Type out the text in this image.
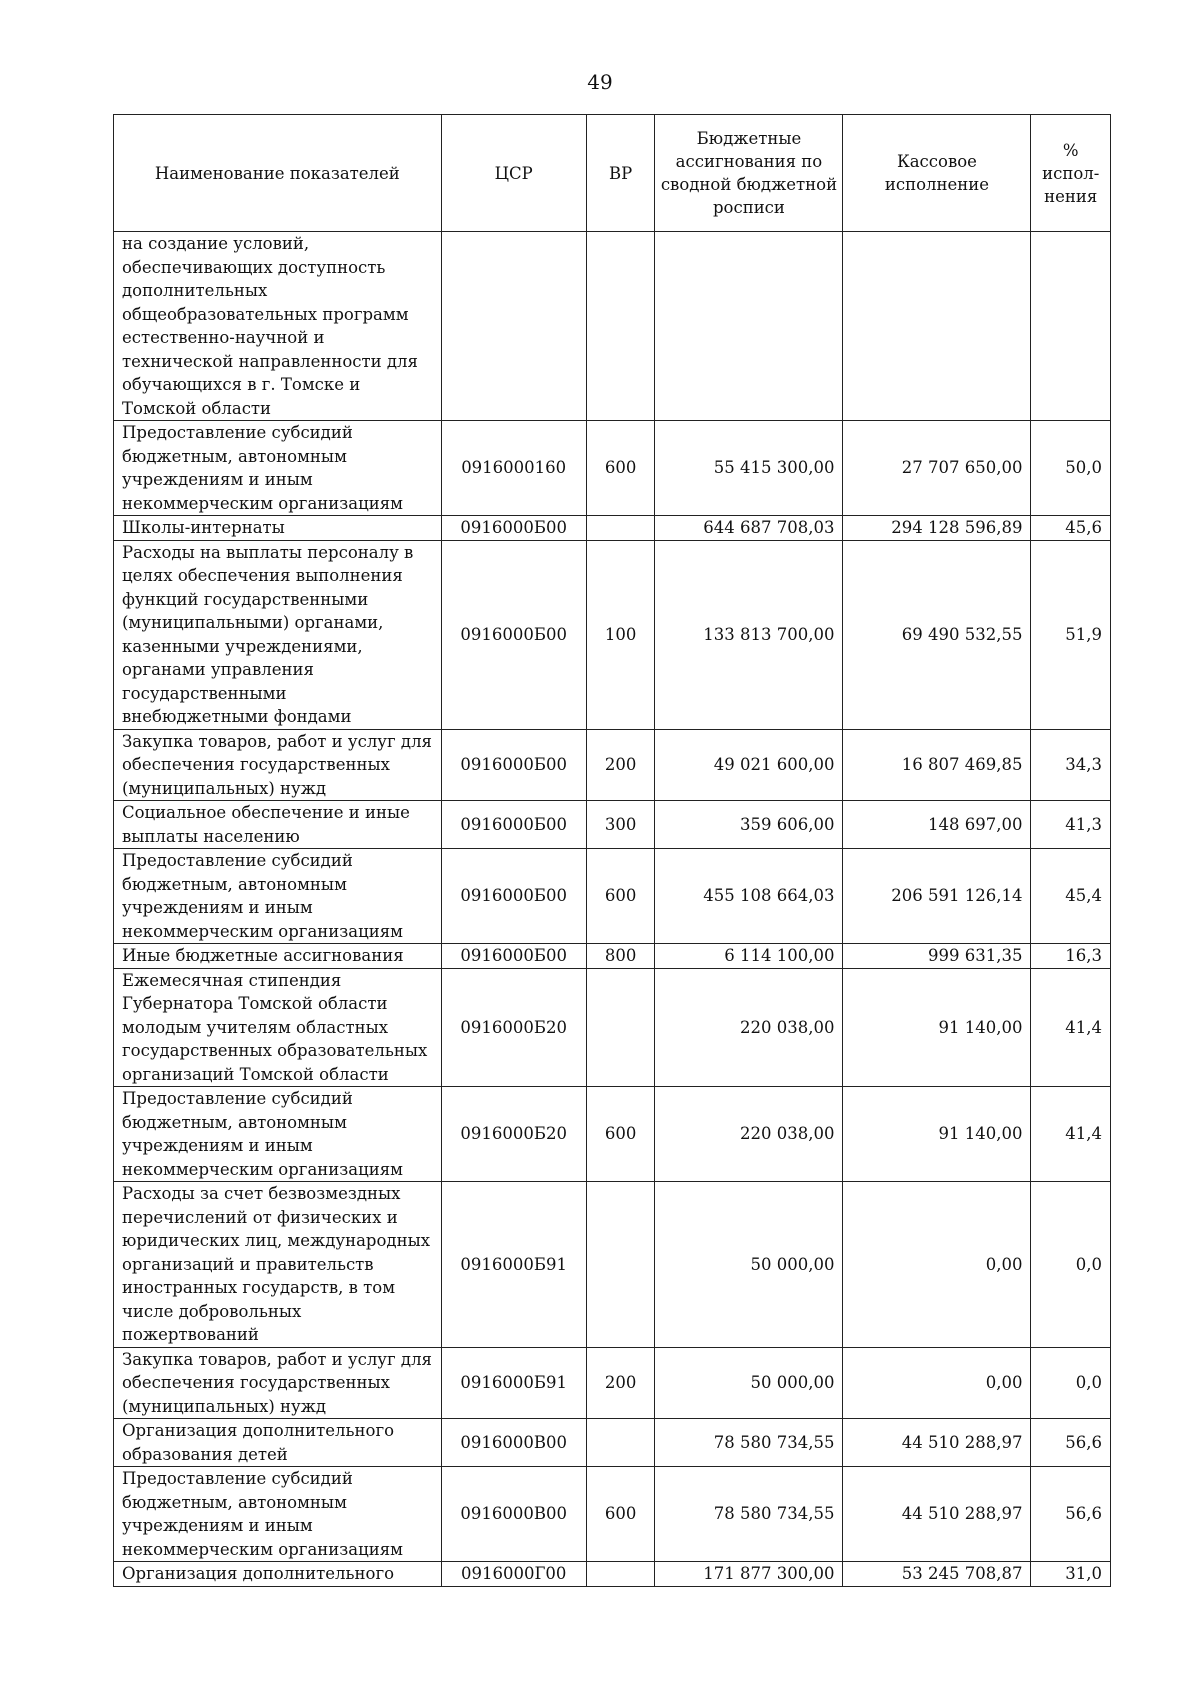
49
Наименование показателей	ЦСР	ВР	Бюджетные ассигнования по сводной бюджетной росписи	Кассовое исполнение	% испол-нения
на создание условий, обеспечивающих доступность дополнительных общеобразовательных программ естественно-научной и технической направленности для обучающихся в г. Томске и Томской области					
Предоставление субсидий бюджетным, автономным учреждениям и иным некоммерческим организациям	0916000160	600	55 415 300,00	27 707 650,00	50,0
Школы-интернаты	0916000Б00		644 687 708,03	294 128 596,89	45,6
Расходы на выплаты персоналу в целях обеспечения выполнения функций государственными (муниципальными) органами, казенными учреждениями, органами управления государственными внебюджетными фондами	0916000Б00	100	133 813 700,00	69 490 532,55	51,9
Закупка товаров, работ и услуг для обеспечения государственных (муниципальных) нужд	0916000Б00	200	49 021 600,00	16 807 469,85	34,3
Социальное обеспечение и иные выплаты населению	0916000Б00	300	359 606,00	148 697,00	41,3
Предоставление субсидий бюджетным, автономным учреждениям и иным некоммерческим организациям	0916000Б00	600	455 108 664,03	206 591 126,14	45,4
Иные бюджетные ассигнования	0916000Б00	800	6 114 100,00	999 631,35	16,3
Ежемесячная стипендия Губернатора Томской области молодым учителям областных государственных образовательных организаций Томской области	0916000Б20		220 038,00	91 140,00	41,4
Предоставление субсидий бюджетным, автономным учреждениям и иным некоммерческим организациям	0916000Б20	600	220 038,00	91 140,00	41,4
Расходы за счет безвозмездных перечислений от физических и юридических лиц, международных организаций и правительств иностранных государств, в том числе добровольных пожертвований	0916000Б91		50 000,00	0,00	0,0
Закупка товаров, работ и услуг для обеспечения государственных (муниципальных) нужд	0916000Б91	200	50 000,00	0,00	0,0
Организация дополнительного образования детей	0916000В00		78 580 734,55	44 510 288,97	56,6
Предоставление субсидий бюджетным, автономным учреждениям и иным некоммерческим организациям	0916000В00	600	78 580 734,55	44 510 288,97	56,6
Организация дополнительного	0916000Г00		171 877 300,00	53 245 708,87	31,0
